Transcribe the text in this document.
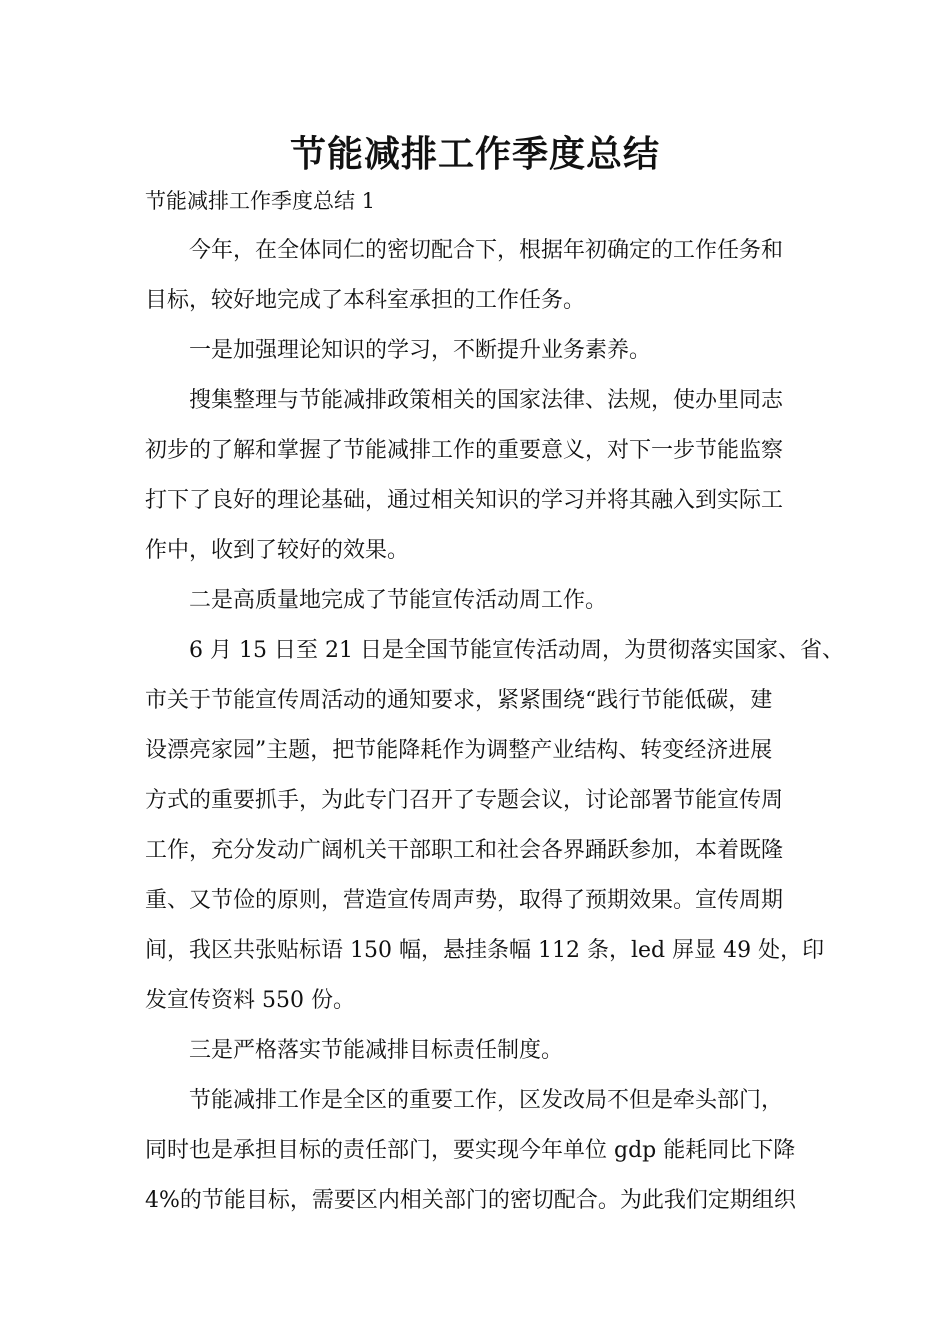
节能减排工作季度总结
节能减排工作季度总结 1
今年，在全体同仁的密切配合下，根据年初确定的工作任务和
目标，较好地完成了本科室承担的工作任务。
一是加强理论知识的学习，不断提升业务素养。
搜集整理与节能减排政策相关的国家法律、法规，使办里同志
初步的了解和掌握了节能减排工作的重要意义，对下一步节能监察
打下了良好的理论基础，通过相关知识的学习并将其融入到实际工
作中，收到了较好的效果。
二是高质量地完成了节能宣传活动周工作。
6 月 15 日至 21 日是全国节能宣传活动周，为贯彻落实国家、省、
市关于节能宣传周活动的通知要求，紧紧围绕“践行节能低碳，建
设漂亮家园”主题，把节能降耗作为调整产业结构、转变经济进展
方式的重要抓手，为此专门召开了专题会议，讨论部署节能宣传周
工作，充分发动广阔机关干部职工和社会各界踊跃参加，本着既隆
重、又节俭的原则，营造宣传周声势，取得了预期效果。宣传周期
间，我区共张贴标语 150 幅，悬挂条幅 112 条，led 屏显 49 处，印
发宣传资料 550 份。
三是严格落实节能减排目标责任制度。
节能减排工作是全区的重要工作，区发改局不但是牵头部门，
同时也是承担目标的责任部门，要实现今年单位 gdp 能耗同比下降
4%的节能目标，需要区内相关部门的密切配合。为此我们定期组织
